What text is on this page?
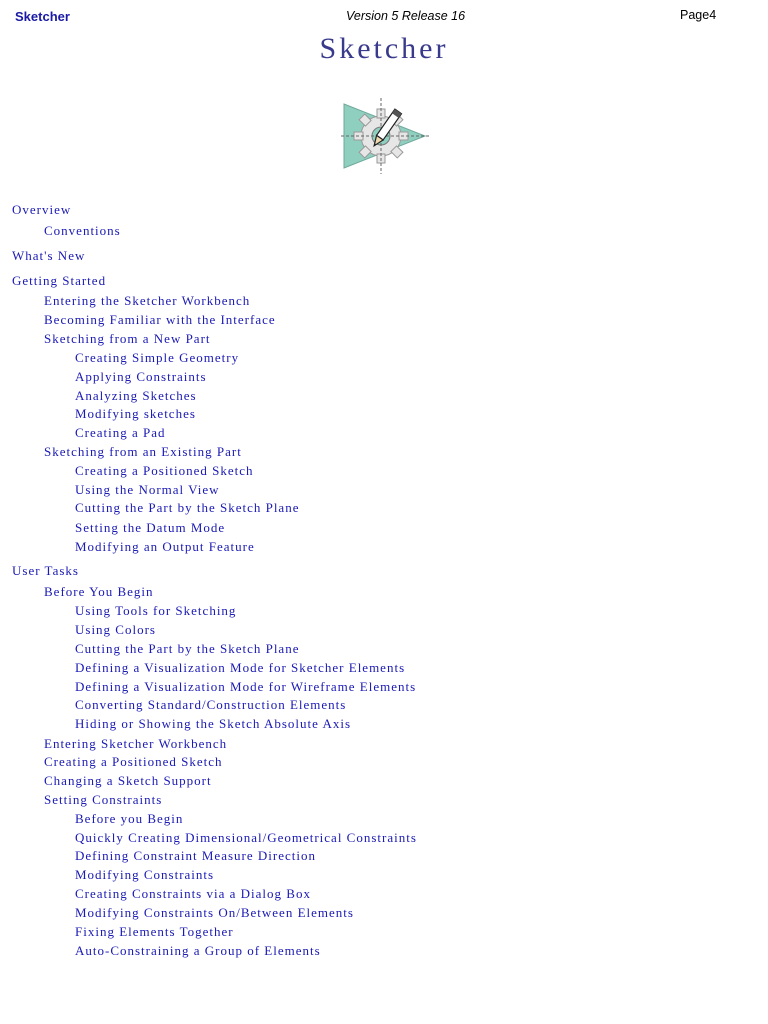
Sketcher	Version 5 Release 16	Page4
Sketcher
Overview
Conventions
What's New
Getting Started
Entering the Sketcher Workbench
Becoming Familiar with the Interface
Sketching from a New Part
Creating Simple Geometry
Applying Constraints
Analyzing Sketches
Modifying sketches
Creating a Pad
Sketching from an Existing Part
Creating a Positioned Sketch
Using the Normal View
Cutting the Part by the Sketch Plane
Setting the Datum Mode
Modifying an Output Feature
User Tasks
Before You Begin
Using Tools for Sketching
Using Colors
Cutting the Part by the Sketch Plane
Defining a Visualization Mode for Sketcher Elements
Defining a Visualization Mode for Wireframe Elements
Converting Standard/Construction Elements
Hiding or Showing the Sketch Absolute Axis
Entering Sketcher Workbench
Creating a Positioned Sketch
Changing a Sketch Support
Setting Constraints
Before you Begin
Quickly Creating Dimensional/Geometrical Constraints
Defining Constraint Measure Direction
Modifying Constraints
Creating Constraints via a Dialog Box
Modifying Constraints On/Between Elements
Fixing Elements Together
Auto-Constraining a Group of Elements
